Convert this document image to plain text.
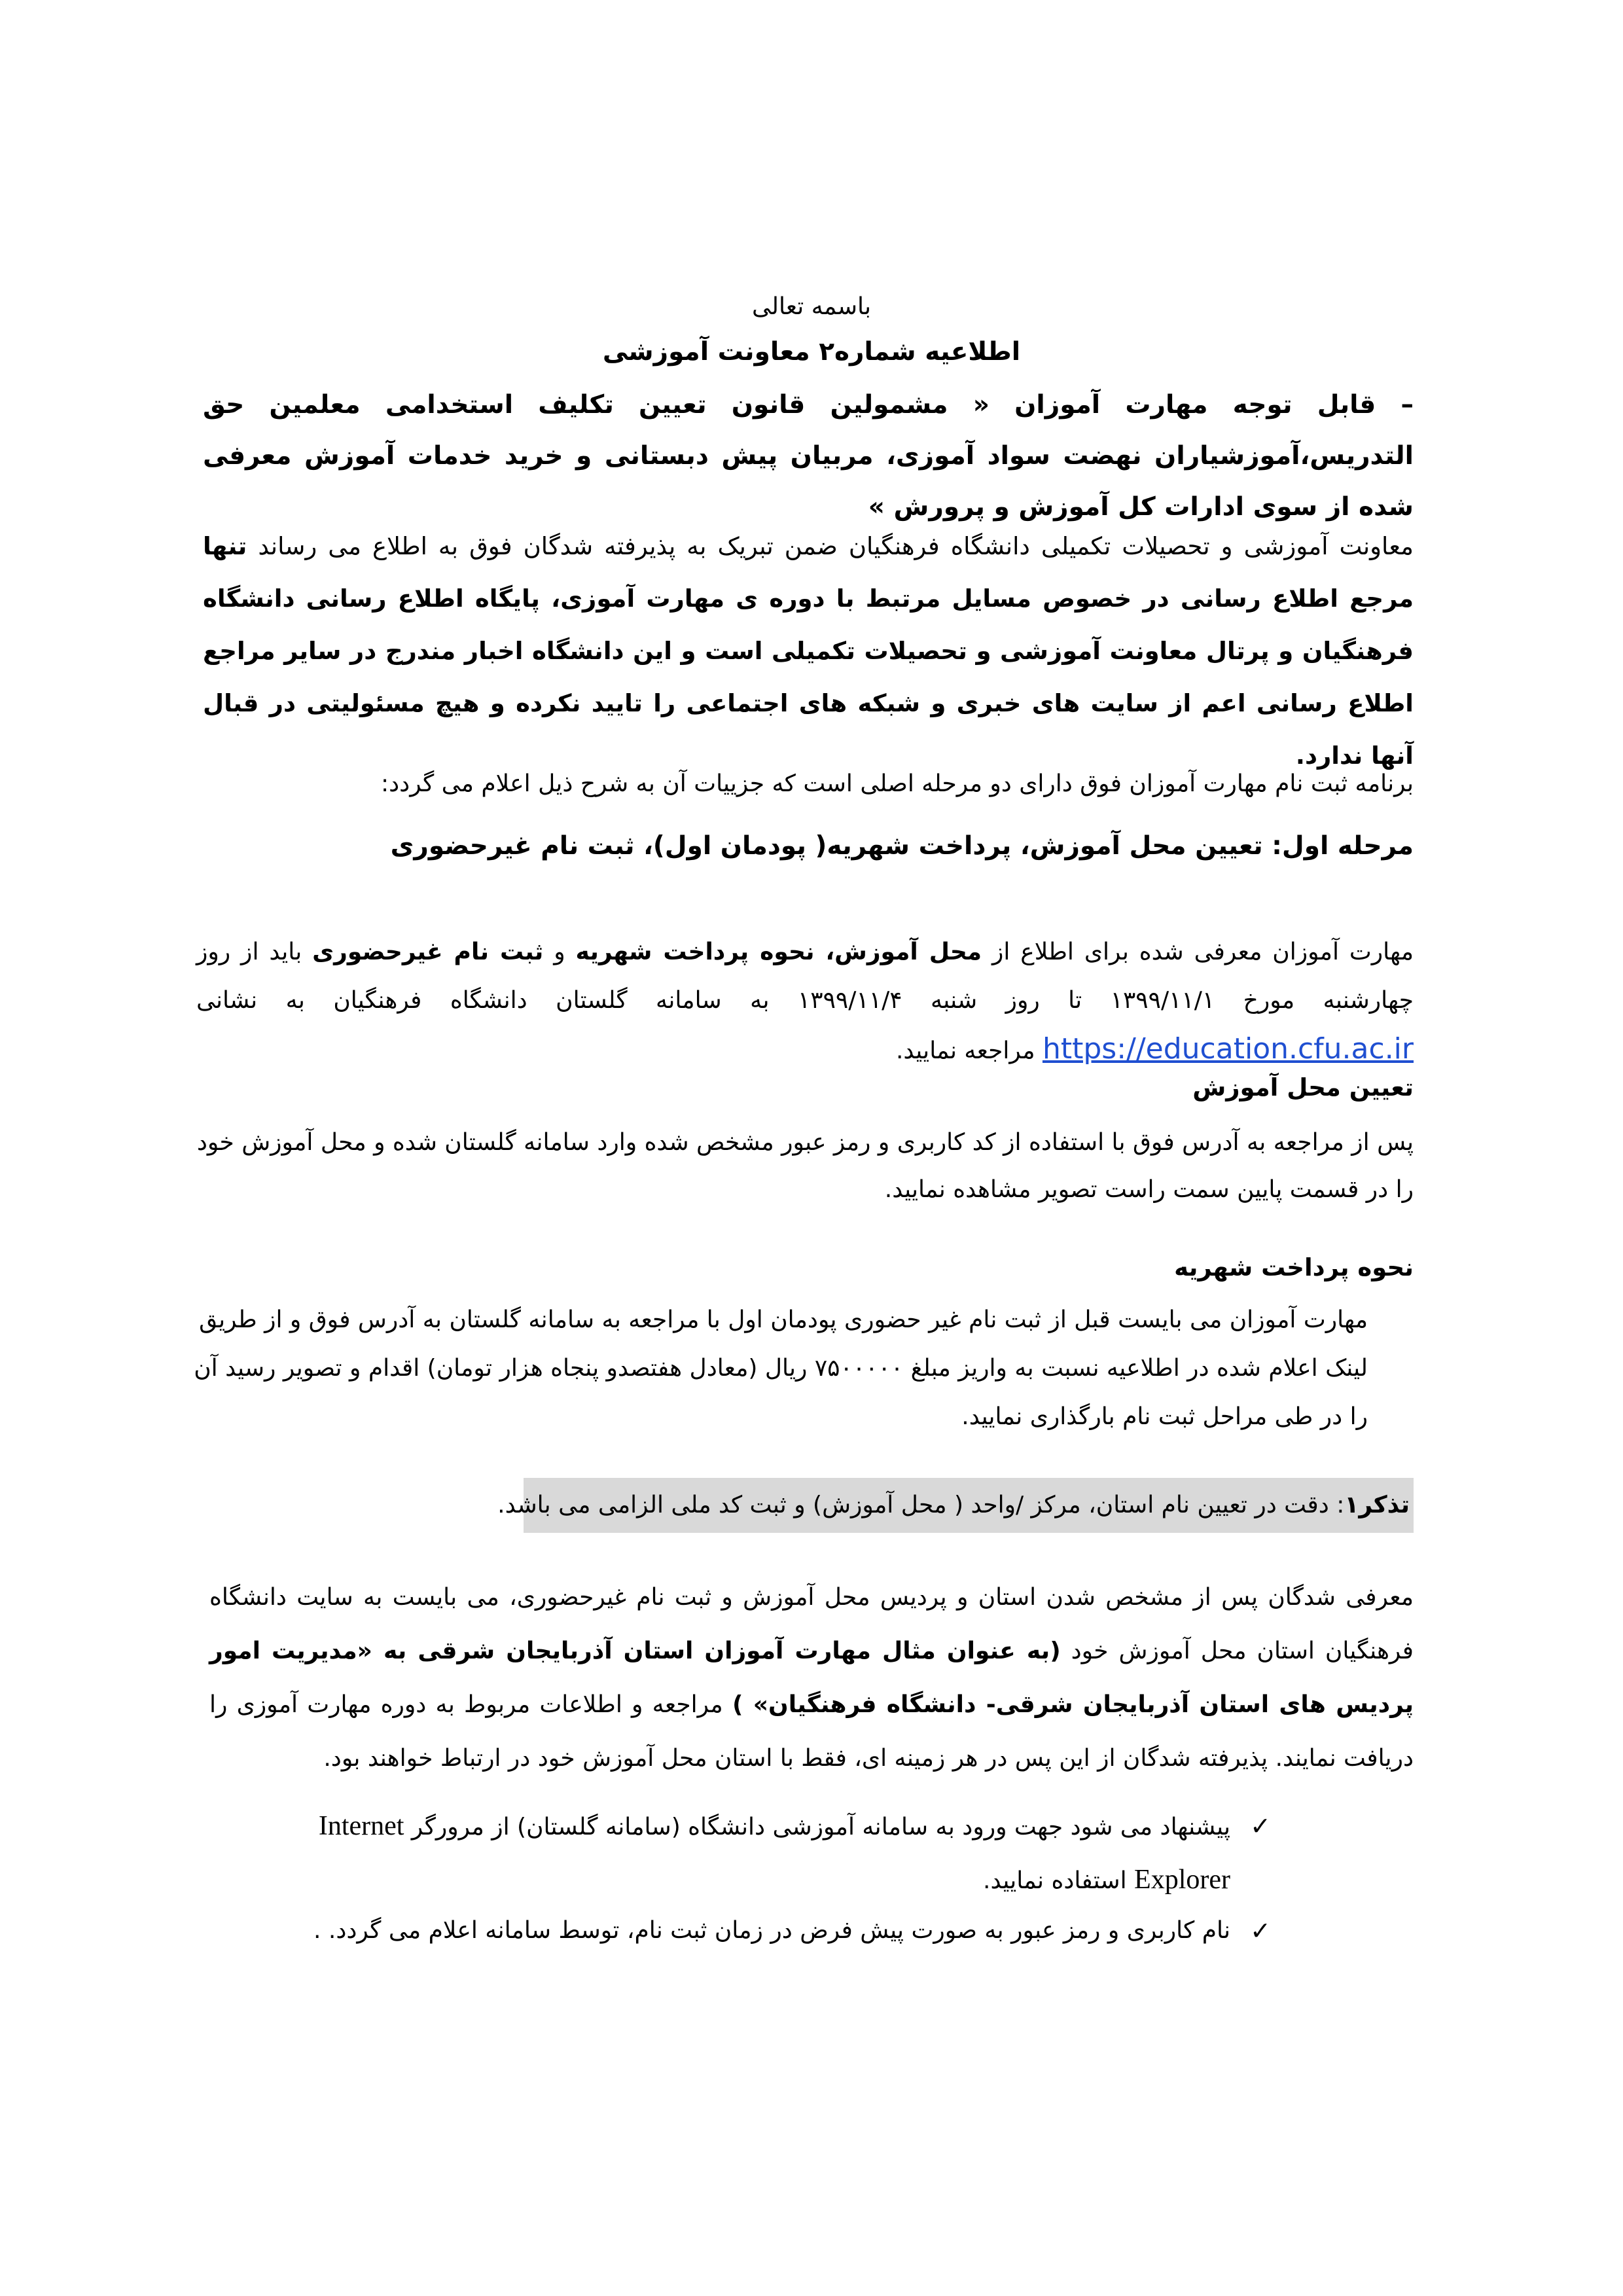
باسمه تعالی
اطلاعیه شماره۲ معاونت آموزشی
– قابل توجه مهارت آموزان « مشمولین قانون تعیین تکلیف استخدامی معلمین حق التدریس،آموزشیاران نهضت سواد آموزی، مربیان پیش دبستانی و خرید خدمات آموزش معرفی شده از سوی ادارات کل آموزش و پرورش »
معاونت آموزشی و تحصیلات تکمیلی دانشگاه فرهنگیان ضمن تبریک به پذیرفته شدگان فوق به اطلاع می رساند تنها مرجع اطلاع رسانی در خصوص مسایل مرتبط با دوره ی مهارت آموزی، پایگاه اطلاع رسانی دانشگاه فرهنگیان و پرتال معاونت آموزشی و تحصیلات تکمیلی است و این دانشگاه اخبار مندرج در سایر مراجع اطلاع رسانی اعم از سایت های خبری و شبکه های اجتماعی را تایید نکرده و هیچ مسئولیتی در قبال آنها ندارد.
برنامه ثبت نام مهارت آموزان فوق دارای دو مرحله اصلی است که جزییات آن به شرح ذیل اعلام می گردد:
مرحله اول: تعیین محل آموزش، پرداخت شهریه( پودمان اول)، ثبت نام غیرحضوری
مهارت آموزان معرفی شده برای اطلاع از محل آموزش، نحوه پرداخت شهریه و ثبت نام غیرحضوری باید از روز چهارشنبه مورخ ۱۳۹۹/۱۱/۱ تا روز شنبه ۱۳۹۹/۱۱/۴ به سامانه گلستان دانشگاه فرهنگیان به نشانی https://education.cfu.ac.ir مراجعه نمایید.
تعیین محل آموزش
پس از مراجعه به آدرس فوق با استفاده از کد کاربری و رمز عبور مشخص شده وارد سامانه گلستان شده و محل آموزش خود را در قسمت پایین سمت راست تصویر مشاهده نمایید.
نحوه پرداخت شهریه
مهارت آموزان می بایست قبل از ثبت نام غیر حضوری پودمان اول با مراجعه به سامانه گلستان به آدرس فوق و از طریق لینک اعلام شده در اطلاعیه نسبت به واریز مبلغ ۷۵۰۰۰۰۰ ریال (معادل هفتصدو پنجاه هزار تومان) اقدام و تصویر رسید آن را در طی مراحل ثبت نام بارگذاری نمایید.
تذکر۱: دقت در تعیین نام استان، مرکز /واحد ( محل آموزش) و ثبت کد ملی الزامی می باشد.
معرفی شدگان پس از مشخص شدن استان و پردیس محل آموزش و ثبت نام غیرحضوری، می بایست به سایت دانشگاه فرهنگیان استان محل آموزش خود (به عنوان مثال مهارت آموزان استان آذربایجان شرقی به «مدیریت امور پردیس های استان آذربایجان شرقی- دانشگاه فرهنگیان» ) مراجعه و اطلاعات مربوط به دوره مهارت آموزی را دریافت نمایند. پذیرفته شدگان از این پس در هر زمینه ای، فقط با استان محل آموزش خود در ارتباط خواهند بود.
✓
پیشنهاد می شود جهت ورود به سامانه آموزشی دانشگاه (سامانه گلستان) از مرورگر Internet Explorer استفاده نمایید.
✓
نام کاربری و رمز عبور به صورت پیش فرض در زمان ثبت نام، توسط سامانه اعلام می گردد. .
